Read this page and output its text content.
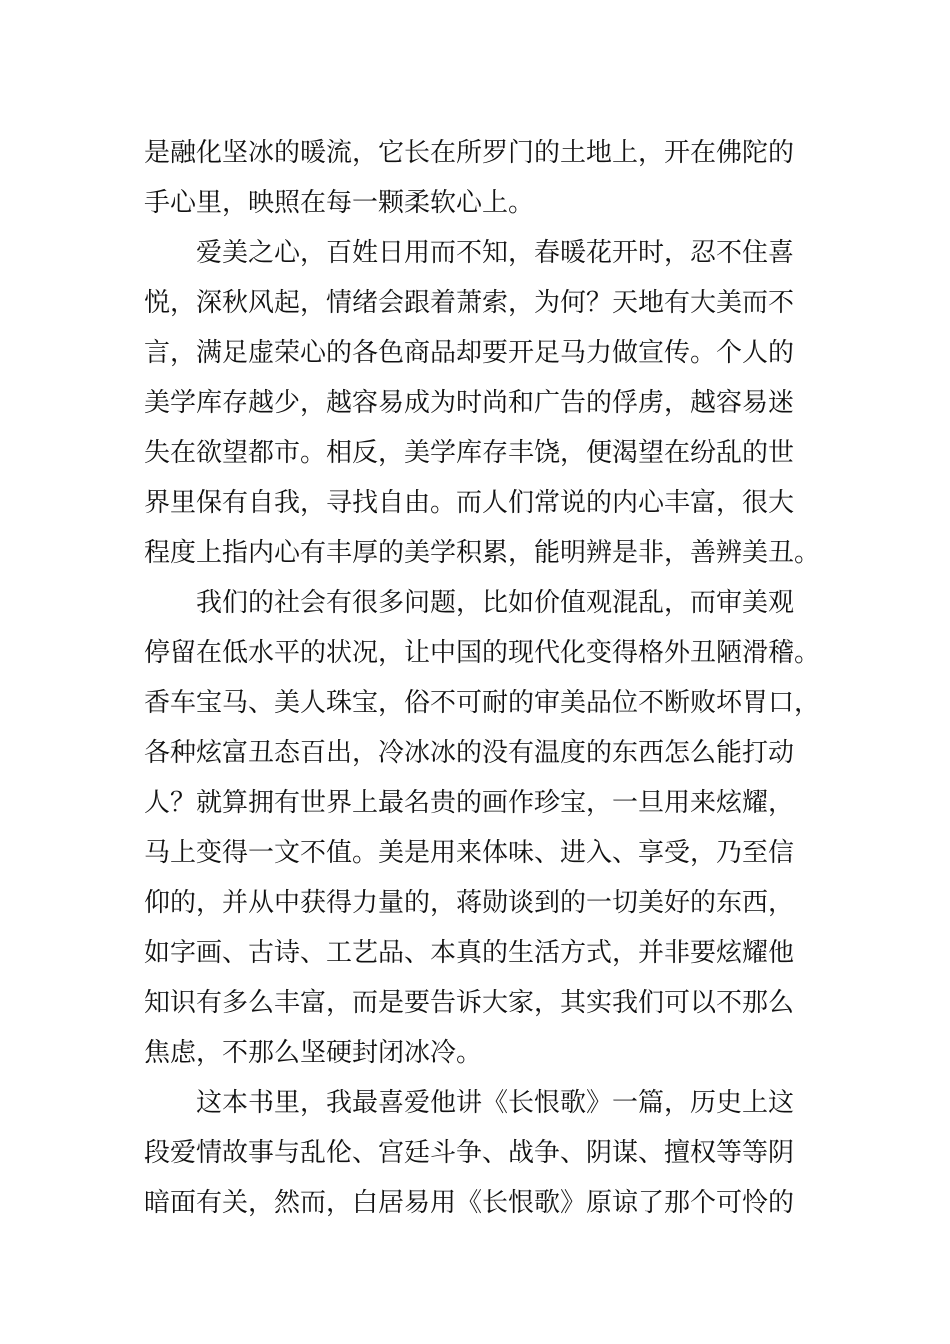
是融化坚冰的暖流，它长在所罗门的土地上，开在佛陀的
手心里，映照在每一颗柔软心上。
爱美之心，百姓日用而不知，春暖花开时，忍不住喜
悦，深秋风起，情绪会跟着萧索，为何？天地有大美而不
言，满足虚荣心的各色商品却要开足马力做宣传。个人的
美学库存越少，越容易成为时尚和广告的俘虏，越容易迷
失在欲望都市。相反，美学库存丰饶，便渴望在纷乱的世
界里保有自我，寻找自由。而人们常说的内心丰富，很大
程度上指内心有丰厚的美学积累，能明辨是非，善辨美丑。
我们的社会有很多问题，比如价值观混乱，而审美观
停留在低水平的状况，让中国的现代化变得格外丑陋滑稽。
香车宝马、美人珠宝，俗不可耐的审美品位不断败坏胃口，
各种炫富丑态百出，冷冰冰的没有温度的东西怎么能打动
人？就算拥有世界上最名贵的画作珍宝，一旦用来炫耀，
马上变得一文不值。美是用来体味、进入、享受，乃至信
仰的，并从中获得力量的，蒋勋谈到的一切美好的东西，
如字画、古诗、工艺品、本真的生活方式，并非要炫耀他
知识有多么丰富，而是要告诉大家，其实我们可以不那么
焦虑，不那么坚硬封闭冰冷。
这本书里，我最喜爱他讲《长恨歌》一篇，历史上这
段爱情故事与乱伦、宫廷斗争、战争、阴谋、擅权等等阴
暗面有关，然而，白居易用《长恨歌》原谅了那个可怜的
